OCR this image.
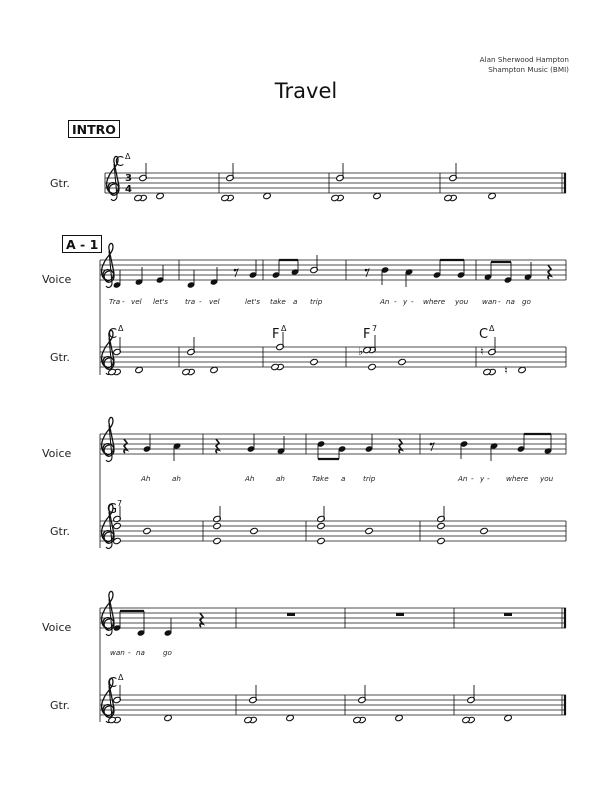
Alan Sherwood Hampton
Shampton Music (BMI)
Travel
INTRO
A - 1
3
4
Gtr.
C Δ
Voice
Tra - vel let's tra - vel	let's take a trip	An - y - where you wan - na go
♭	♮
♮
Gtr.
C Δ	F Δ	F 7	C Δ
Voice
Ah	ah	Ah	ah	Take a trip	An - y - where you
Gtr.
G 7
Voice
wan - na	go
Gtr.
C Δ
